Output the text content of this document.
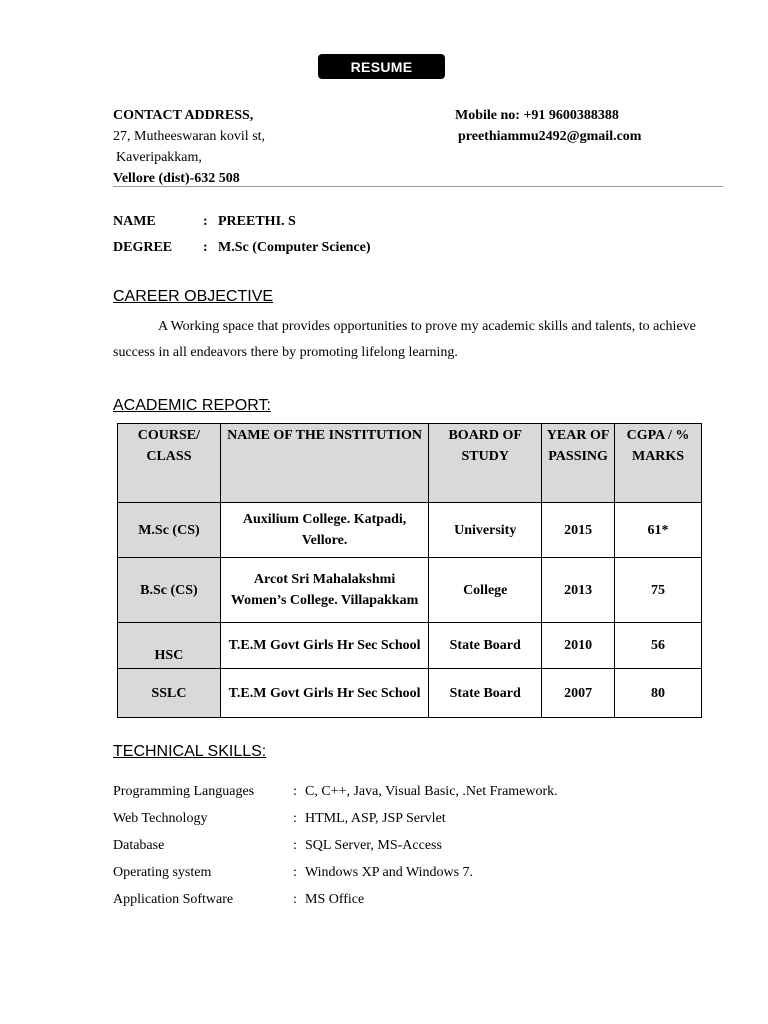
RESUME
CONTACT ADDRESS,
27, Mutheeswaran kovil st,
Kaveripakkam,
Vellore (dist)-632 508
Mobile no: +91 9600388388
preethiammu2492@gmail.com
NAME	: PREETHI. S
DEGREE	: M.Sc (Computer Science)
CAREER OBJECTIVE
A Working space that provides opportunities to prove my academic skills and talents, to achieve success in all endeavors there by promoting lifelong learning.
ACADEMIC REPORT:
COURSE/ CLASS	NAME OF THE INSTITUTION	BOARD OF STUDY	YEAR OF PASSING	CGPA / % MARKS
M.Sc (CS)	Auxilium College. Katpadi, Vellore.	University	2015	61*
B.Sc (CS)	Arcot Sri Mahalakshmi Women’s College. Villapakkam	College	2013	75
HSC	T.E.M Govt Girls Hr Sec School	State Board	2010	56
SSLC	T.E.M Govt Girls Hr Sec School	State Board	2007	80
TECHNICAL SKILLS:
Programming Languages	: C, C++, Java, Visual Basic, .Net Framework.
Web Technology	: HTML, ASP, JSP Servlet
Database	: SQL Server, MS-Access
Operating system	: Windows XP and Windows 7.
Application Software	: MS Office
